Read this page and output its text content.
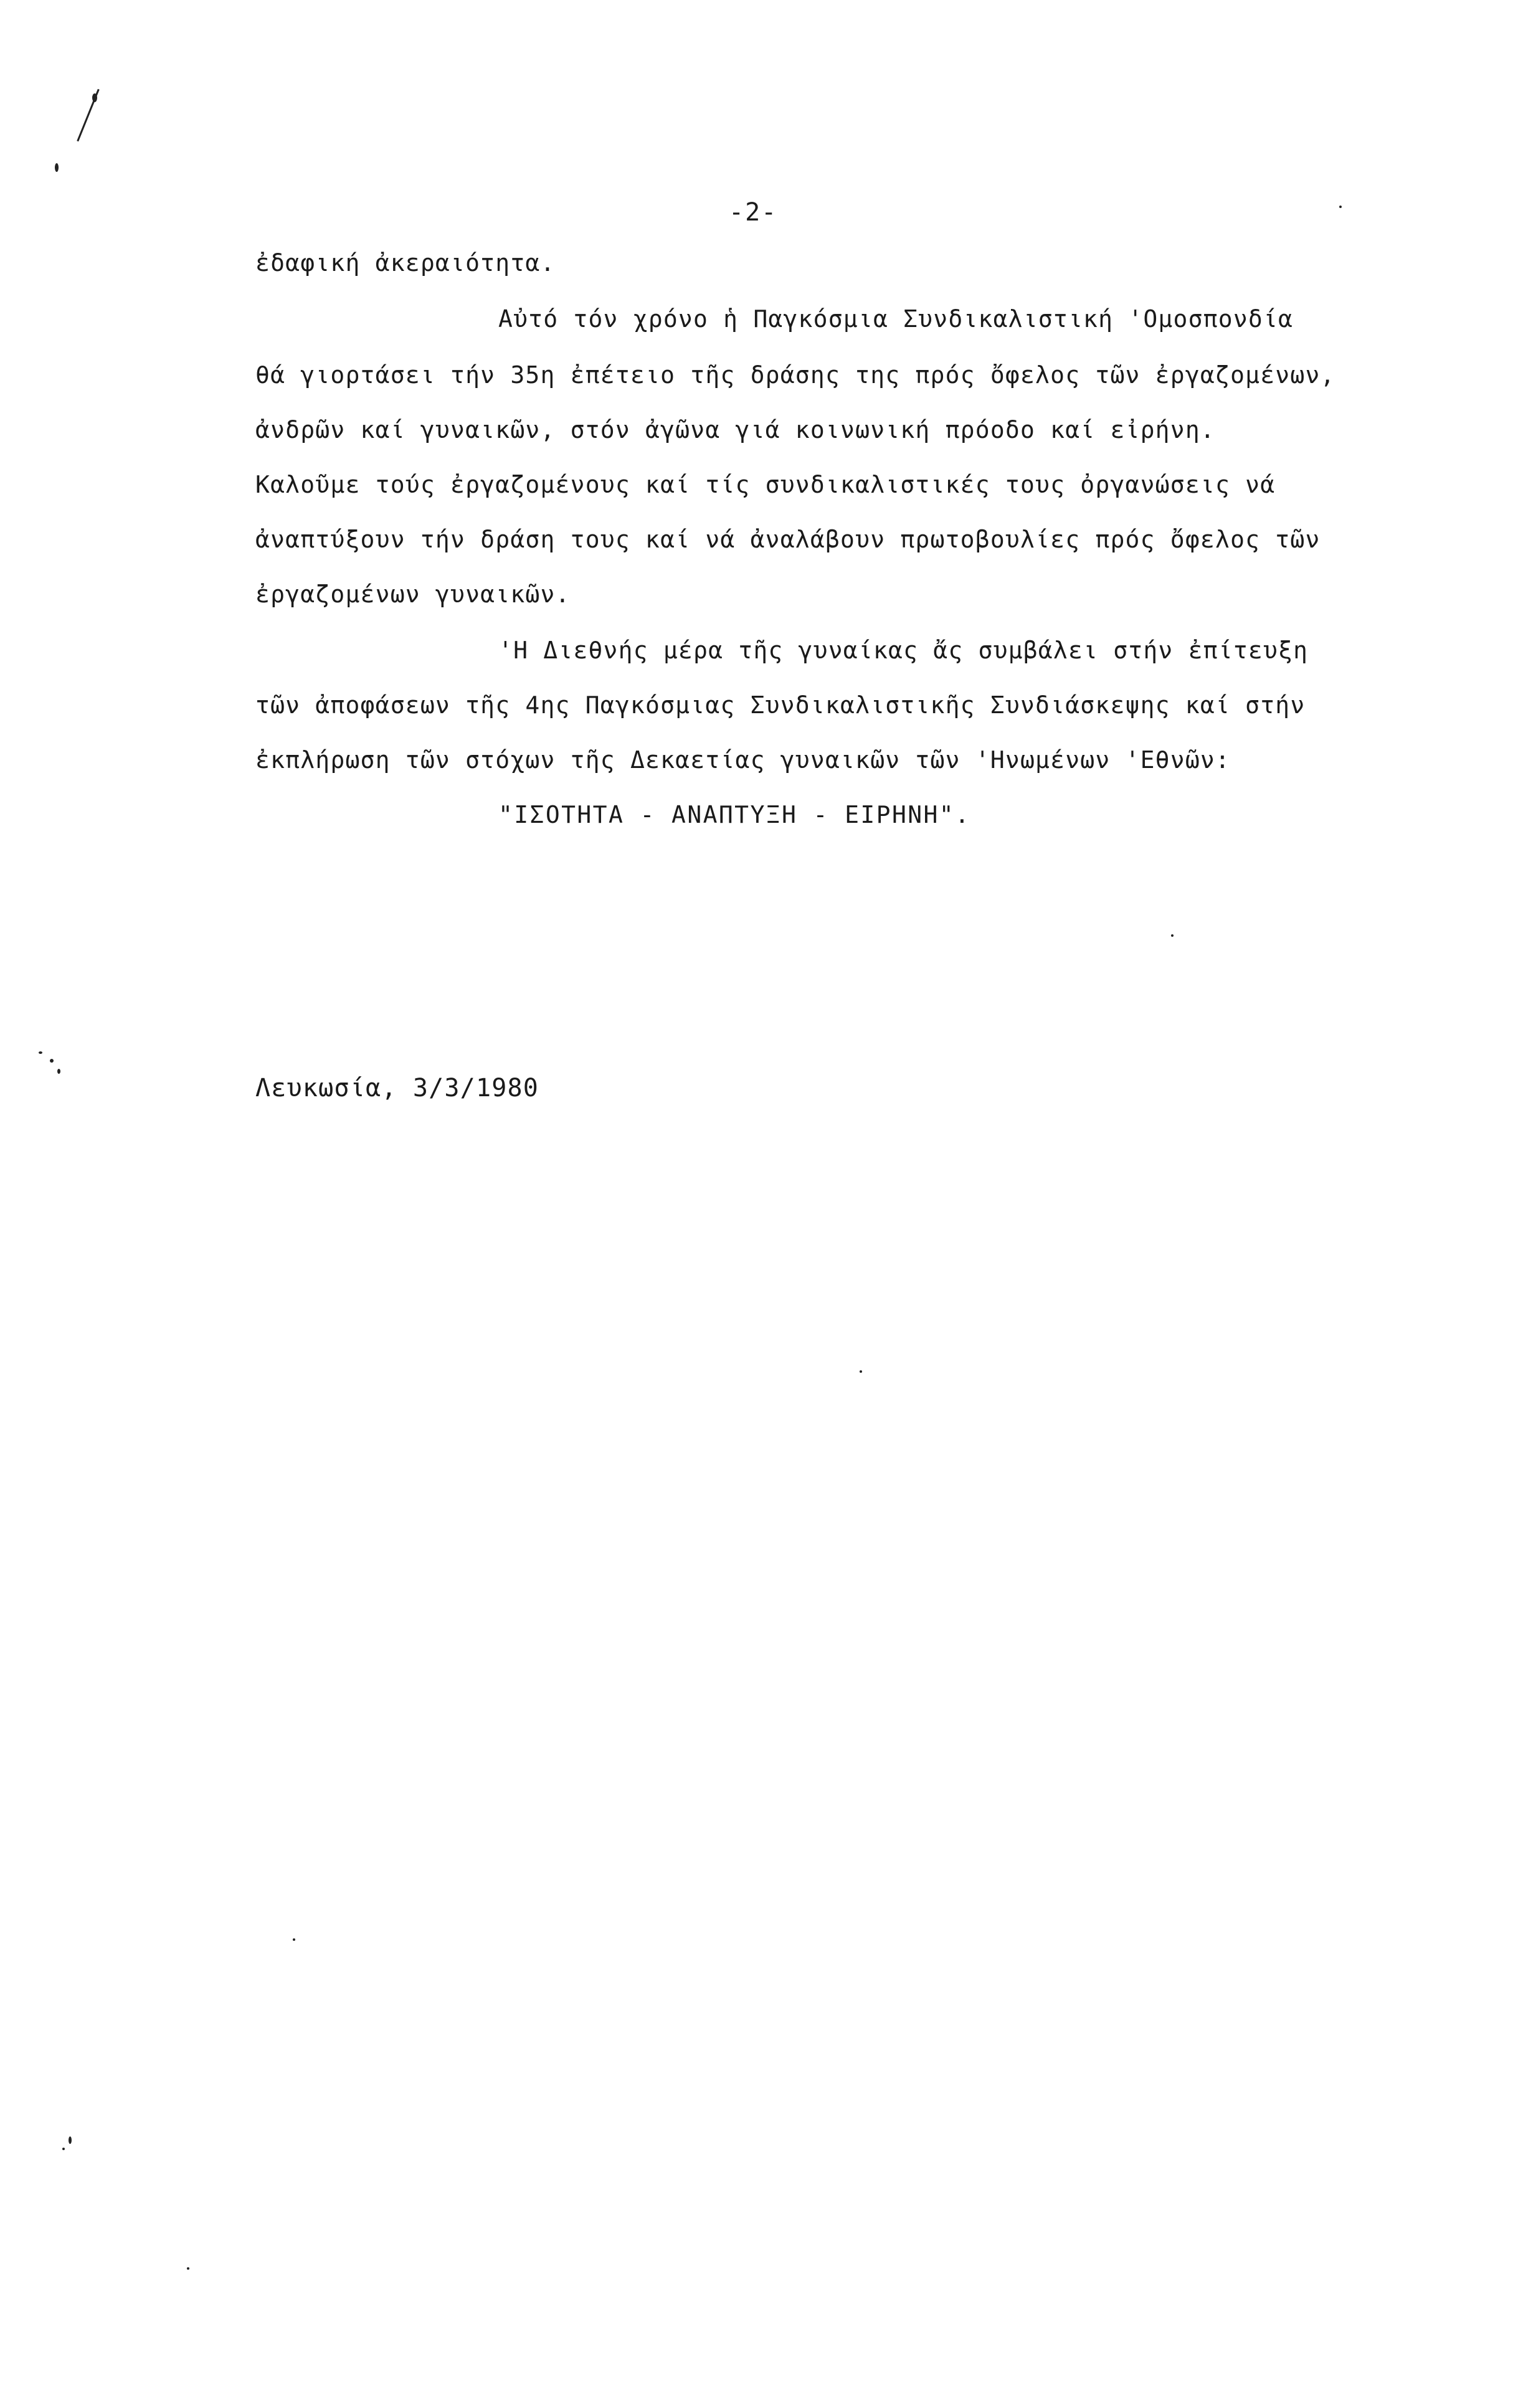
-2-
ἐδαφική ἀκεραιότητα.
Αὐτό τόν χρόνο ἡ Παγκόσμια Συνδικαλιστική 'Ομοσπονδία
θά γιορτάσει τήν 35η ἐπέτειο τῆς δράσης της πρός ὄφελος τῶν ἐργαζομένων,
ἀνδρῶν καί γυναικῶν, στόν ἀγῶνα γιά κοινωνική πρόοδο καί εἰρήνη.
Καλοῦμε τούς ἐργαζομένους καί τίς συνδικαλιστικές τους ὀργανώσεις νά
ἀναπτύξουν τήν δράση τους καί νά ἀναλάβουν πρωτοβουλίες πρός ὄφελος τῶν
ἐργαζομένων γυναικῶν.
'Η Διεθνής μέρα τῆς γυναίκας ἄς συμβάλει στήν ἐπίτευξη
τῶν ἀποφάσεων τῆς 4ης Παγκόσμιας Συνδικαλιστικῆς Συνδιάσκεψης καί στήν
ἐκπλήρωση τῶν στόχων τῆς Δεκαετίας γυναικῶν τῶν 'Ηνωμένων 'Εθνῶν:
"ΙΣΟΤΗΤΑ - ΑΝΑΠΤΥΞΗ - ΕΙΡΗΝΗ".
Λευκωσία, 3/3/1980
